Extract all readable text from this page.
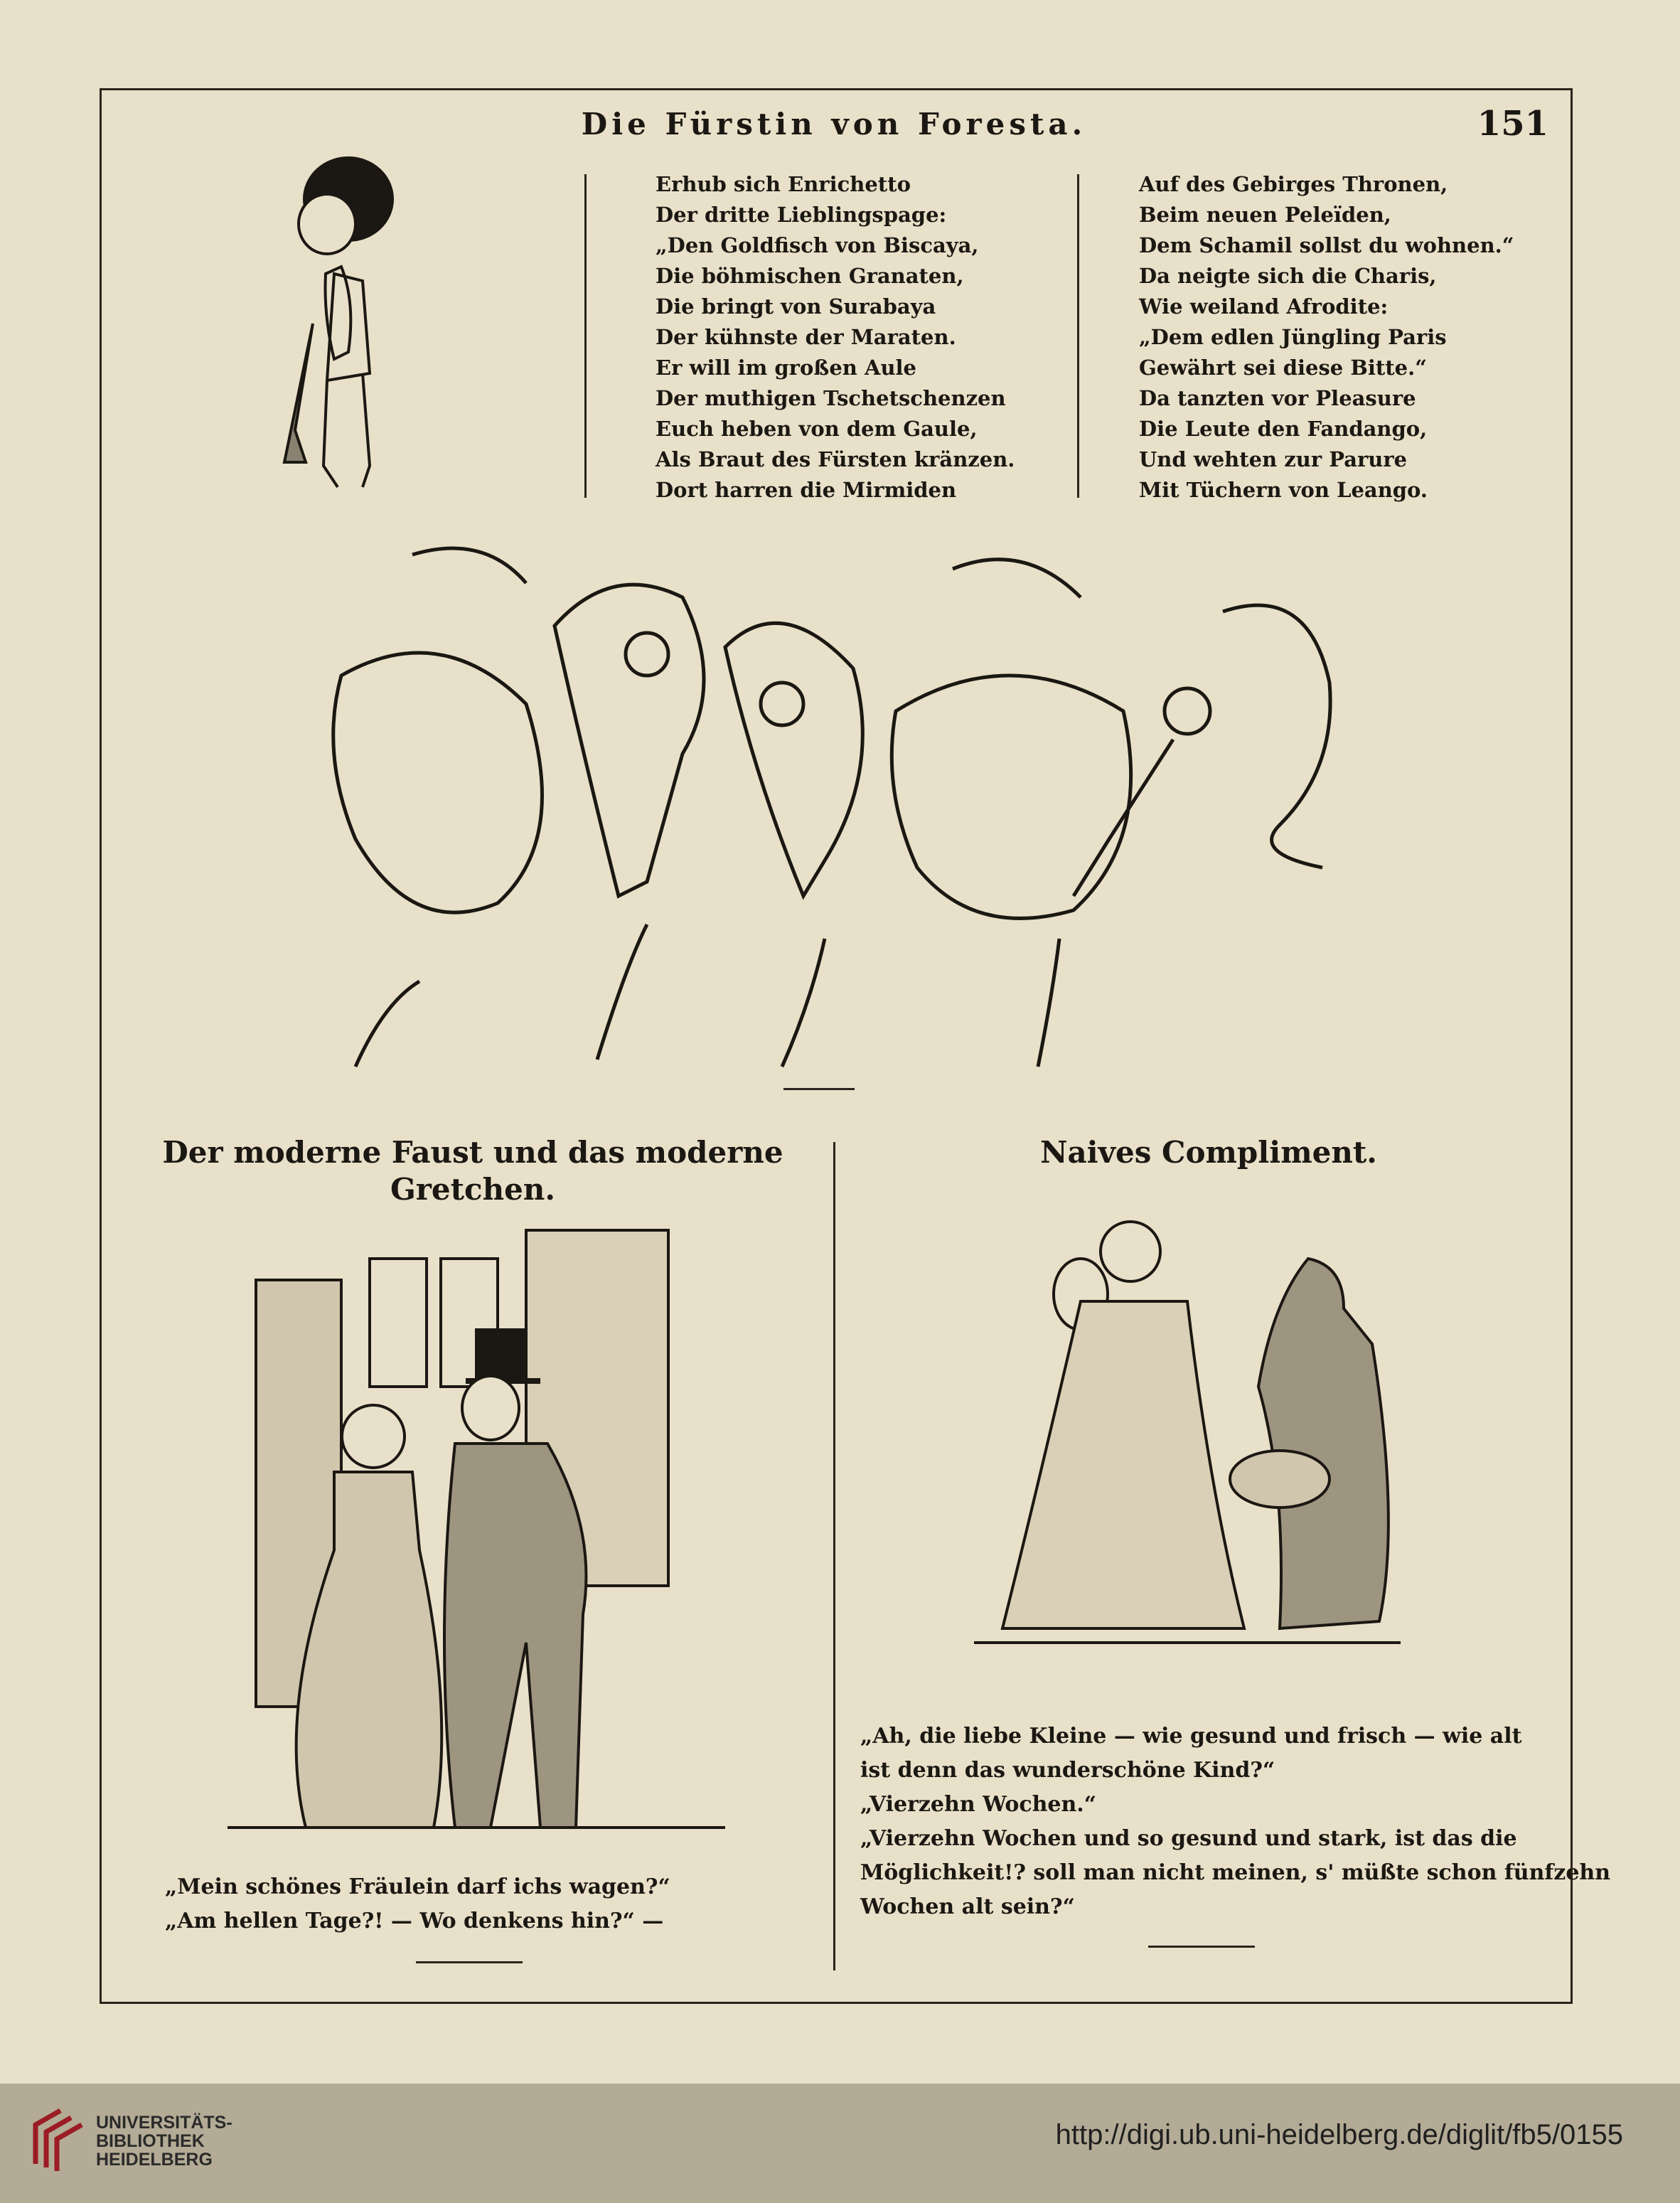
Die Fürstin von Foresta.	151
Erhub sich Enrichetto
Der dritte Lieblingspage:
„Den Goldfisch von Biscaya,
Die böhmischen Granaten,
Die bringt von Surabaya
Der kühnste der Maraten.
Er will im großen Aule
Der muthigen Tschetschenzen
Euch heben von dem Gaule,
Als Braut des Fürsten kränzen.
Dort harren die Mirmiden
Auf des Gebirges Thronen,
Beim neuen Peleïden,
Dem Schamil sollst du wohnen.“
Da neigte sich die Charis,
Wie weiland Afrodite:
„Dem edlen Jüngling Paris
Gewährt sei diese Bitte.“
Da tanzten vor Pleasure
Die Leute den Fandango,
Und wehten zur Parure
Mit Tüchern von Leango.
Der moderne Faust und das moderne
Gretchen.
Naives Compliment.
„Mein schönes Fräulein darf ichs wagen?“
„Am hellen Tage?! — Wo denkens hin?“ —
„Ah, die liebe Kleine — wie gesund und frisch — wie alt
ist denn das wunderschöne Kind?“
„Vierzehn Wochen.“
„Vierzehn Wochen und so gesund und stark, ist das die
Möglichkeit!? soll man nicht meinen, s' müßte schon fünfzehn
Wochen alt sein?“
UNIVERSITÄTS-
BIBLIOTHEK
HEIDELBERG
http://digi.ub.uni-heidelberg.de/diglit/fb5/0155
